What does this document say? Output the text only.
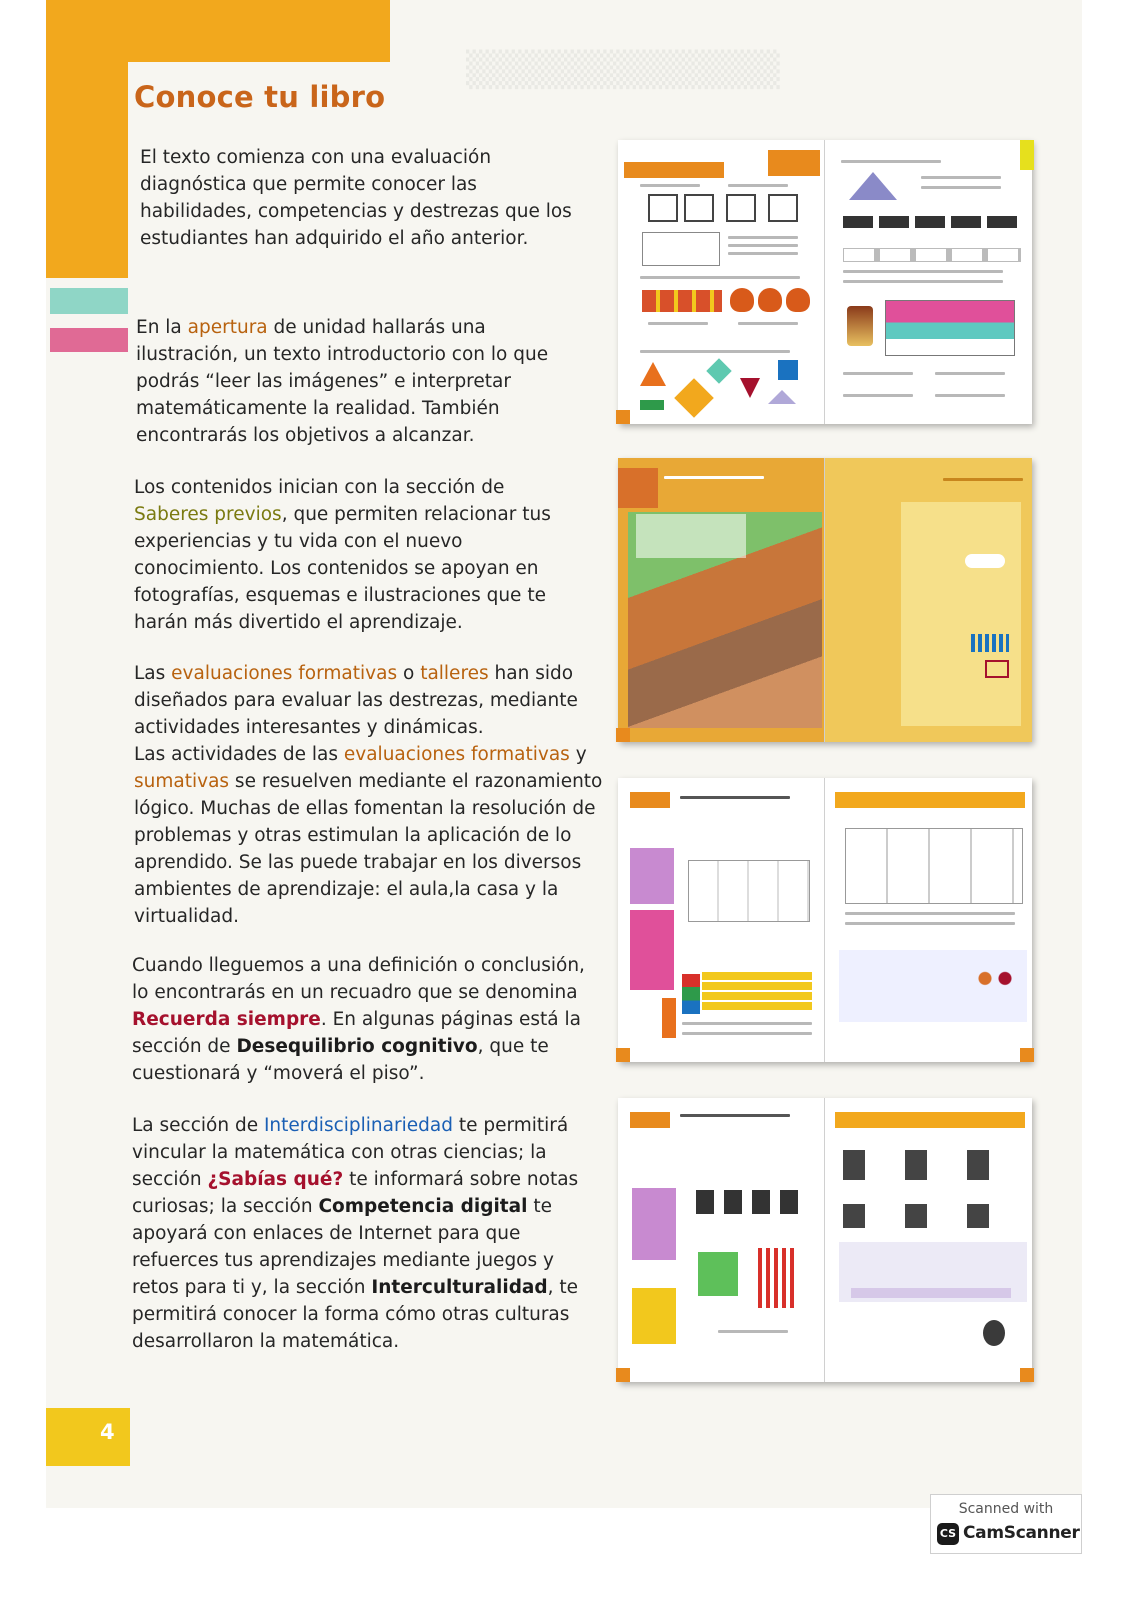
▒▒▒▒▒▒▒▒▒▒▒▒
Conoce tu libro

El texto comienza con una evaluación diagnóstica que permite conocer las habilidades, competencias y destrezas que los estudiantes han adquirido el año anterior.

En la apertura de unidad hallarás una ilustración, un texto introductorio con lo que podrás “leer las imágenes” e interpretar matemáticamente la realidad. También encontrarás los objetivos a alcanzar.

Los contenidos inician con la sección de Saberes previos, que permiten relacionar tus experiencias y tu vida con el nuevo conocimiento. Los contenidos se apoyan en fotografías, esquemas e ilustraciones que te harán más divertido el aprendizaje.

Las evaluaciones formativas o talleres han sido diseñados para evaluar las destrezas, mediante actividades interesantes y dinámicas.
Las actividades de las evaluaciones formativas y sumativas se resuelven mediante el razonamiento lógico. Muchas de ellas fomentan la resolución de problemas y otras estimulan la aplicación de lo aprendido. Se las puede trabajar en los diversos ambientes de aprendizaje: el aula,la casa y la virtualidad.

Cuando lleguemos a una definición o conclusión, lo encontrarás en un recuadro que se denomina Recuerda siempre. En algunas páginas está la sección de Desequilibrio cognitivo, que te cuestionará y “moverá el piso”.

La sección de Interdisciplinariedad te permitirá vincular la matemática con otras ciencias; la sección ¿Sabías qué? te informará sobre notas curiosas; la sección Competencia digital te apoyará con enlaces de Internet para que refuerces tus aprendizajes mediante juegos y retos para ti y, la sección Interculturalidad, te permitirá conocer la forma cómo otras culturas desarrollaron la matemática.

4
Scanned with
CS CamScanner
